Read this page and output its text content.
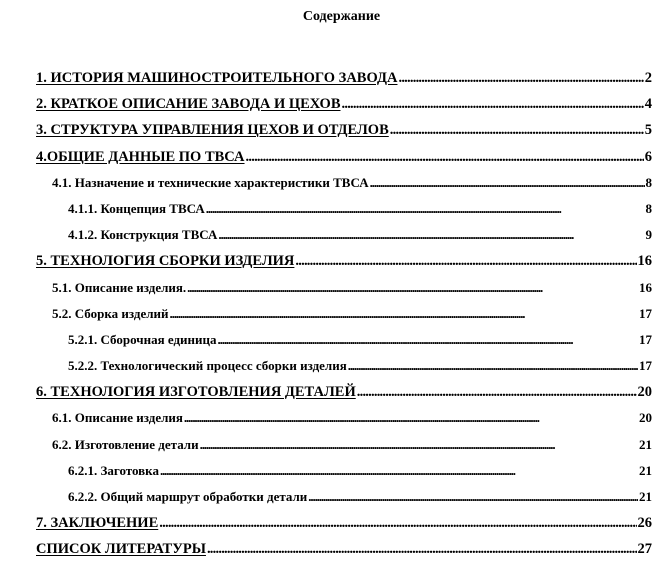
Содержание
1. ИСТОРИЯ МАШИНОСТРОИТЕЛЬНОГО ЗАВОДА . . .	2
2. КРАТКОЕ ОПИСАНИЕ ЗАВОДА И ЦЕХОВ . . .	4
3. СТРУКТУРА УПРАВЛЕНИЯ ЦЕХОВ И ОТДЕЛОВ . . .	5
4.ОБЩИЕ ДАННЫЕ ПО ТВСА . . .	6
4.1. Назначение и технические характеристики ТВСА . . .	8
4.1.1. Концепция ТВСА . . .	8
4.1.2. Конструкция ТВСА . . .	9
5. ТЕХНОЛОГИЯ СБОРКИ ИЗДЕЛИЯ . . .	16
5.1. Описание изделия. . . .	16
5.2. Сборка изделий . . .	17
5.2.1. Сборочная единица . . .	17
5.2.2. Технологический процесс сборки изделия . . .	17
6. ТЕХНОЛОГИЯ ИЗГОТОВЛЕНИЯ ДЕТАЛЕЙ . . .	20
6.1. Описание изделия . . .	20
6.2. Изготовление детали . . .	21
6.2.1. Заготовка . . .	21
6.2.2. Общий маршрут обработки детали . . .	21
7. ЗАКЛЮЧЕНИЕ . . .	26
СПИСОК ЛИТЕРАТУРЫ . . .	27
